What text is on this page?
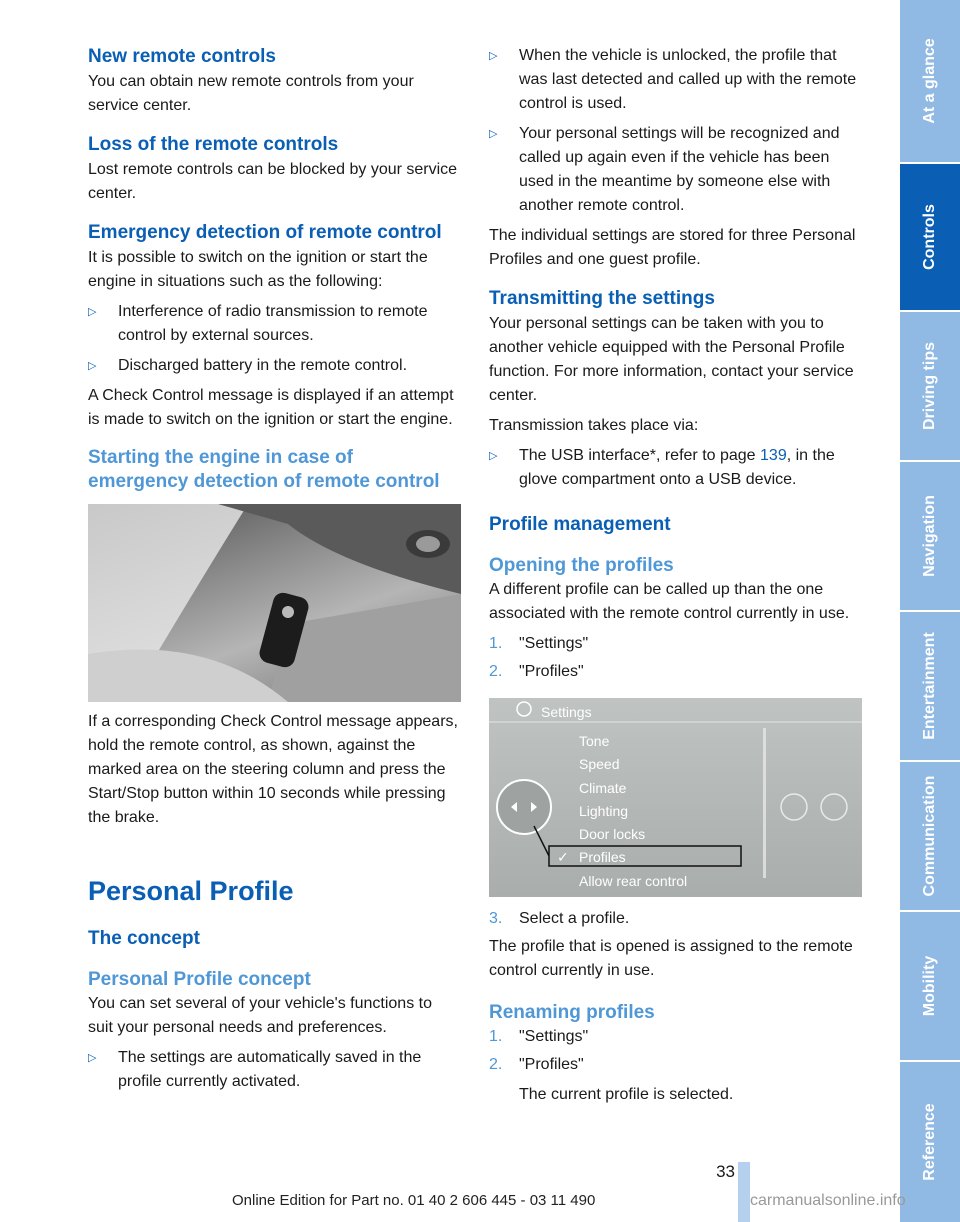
New remote controls

You can obtain new remote controls from your service center.

Loss of the remote controls

Lost remote controls can be blocked by your service center.

Emergency detection of remote control

It is possible to switch on the ignition or start the engine in situations such as the following:

▷	Interference of radio transmission to remote control by external sources.
▷	Discharged battery in the remote control.

A Check Control message is displayed if an attempt is made to switch on the ignition or start the engine.

Starting the engine in case of
emergency detection of remote control

If a corresponding Check Control message appears, hold the remote control, as shown, against the marked area on the steering column and press the Start/Stop button within 10 seconds while pressing the brake.

Personal Profile
The concept
Personal Profile concept

You can set several of your vehicle's functions to suit your personal needs and preferences.

▷	The settings are automatically saved in the profile currently activated.
▷	When the vehicle is unlocked, the profile that was last detected and called up with the remote control is used.
▷	Your personal settings will be recognized and called up again even if the vehicle has been used in the meantime by someone else with another remote control.

The individual settings are stored for three Personal Profiles and one guest profile.

Transmitting the settings

Your personal settings can be taken with you to another vehicle equipped with the Personal Profile function. For more information, contact your service center.

Transmission takes place via:

▷	The USB interface*, refer to page 139, in the glove compartment onto a USB device.
Profile management
Opening the profiles

A different profile can be called up than the one associated with the remote control currently in use.

1.	"Settings"
2.	"Profiles"
Settings
Tone
Speed
Climate
Lighting
Door locks
✓ Profiles
Allow rear control
3.	Select a profile.

The profile that is opened is assigned to the remote control currently in use.

Renaming profiles
1.	"Settings"
2.	"Profiles"

The current profile is selected.

At a glance
Controls
Driving tips
Navigation
Entertainment
Communication
Mobility
Reference
33
Online Edition for Part no. 01 40 2 606 445 - 03 11 490	carmanualsonline.info
